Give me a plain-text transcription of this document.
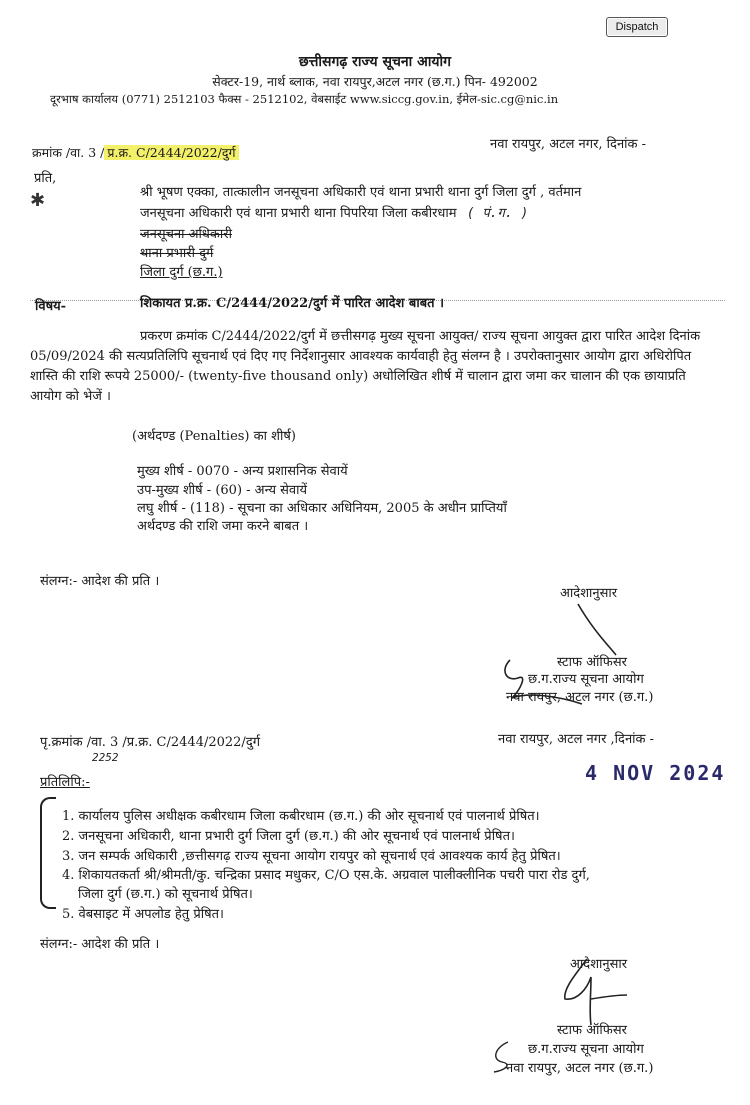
Dispatch
छत्तीसगढ़ राज्य सूचना आयोग
सेक्टर-19, नार्थ ब्लाक, नवा रायपुर,अटल नगर (छ.ग.) पिन- 492002
दूरभाष कार्यालय (0771) 2512103 फैक्स - 2512102, वेबसाईट www.siccg.gov.in, ईमेल-sic.cg@nic.in
क्रमांक /वा. 3 / प्र.क्र. C/2444/2022/दुर्ग
नवा रायपुर, अटल नगर, दिनांक -
प्रति,
✱	श्री भूषण एक्का, तात्कालीन जनसूचना अधिकारी एवं थाना प्रभारी थाना दुर्ग जिला दुर्ग , वर्तमान
जनसूचना अधिकारी एवं थाना प्रभारी थाना पिपरिया जिला कबीरधाम ( पं.ग. )
जनसूचना अधिकारी
थाना प्रभारी दुर्ग
जिला दुर्ग (छ.ग.)
विषय-	शिकायत प्र.क्र. C/2444/2022/दुर्ग में पारित आदेश बाबत ।
प्रकरण क्रमांक C/2444/2022/दुर्ग में छत्तीसगढ़ मुख्य सूचना आयुक्त/ राज्य सूचना आयुक्त द्वारा पारित आदेश दिनांक 05/09/2024 की सत्यप्रतिलिपि सूचनार्थ एवं दिए गए निर्देशानुसार आवश्यक कार्यवाही हेतु संलग्न है । उपरोक्तानुसार आयोग द्वारा अधिरोपित शास्ति की राशि रूपये 25000/- (twenty-five thousand only) अधोलिखित शीर्ष में चालान द्वारा जमा कर चालान की एक छायाप्रति आयोग को भेजें ।
(अर्थदण्ड (Penalties) का शीर्ष)
मुख्य शीर्ष - 0070 - अन्य प्रशासनिक सेवायें
उप-मुख्य शीर्ष - (60) - अन्य सेवायें
लघु शीर्ष - (118) - सूचना का अधिकार अधिनियम, 2005 के अधीन प्राप्तियाँ
अर्थदण्ड की राशि जमा करने बाबत ।
संलग्न:- आदेश की प्रति ।
आदेशानुसार
स्टाफ ऑफिसर
छ.ग.राज्य सूचना आयोग
नवा रायपुर, अटल नगर (छ.ग.)
पृ.क्रमांक /वा. 3 /प्र.क्र. C/2444/2022/दुर्ग
2252
नवा रायपुर, अटल नगर ,दिनांक -
4 NOV 2024
प्रतिलिपि:-
1. कार्यालय पुलिस अधीक्षक कबीरधाम जिला कबीरधाम (छ.ग.) की ओर सूचनार्थ एवं पालनार्थ प्रेषित।
2. जनसूचना अधिकारी, थाना प्रभारी दुर्ग जिला दुर्ग (छ.ग.) की ओर सूचनार्थ एवं पालनार्थ प्रेषित।
3. जन सम्पर्क अधिकारी ,छत्तीसगढ़ राज्य सूचना आयोग रायपुर को सूचनार्थ एवं आवश्यक कार्य हेतु प्रेषित।
4. शिकायतकर्ता श्री/श्रीमती/कु. चन्द्रिका प्रसाद मधुकर, C/O एस.के. अग्रवाल पालीक्लीनिक पचरी पारा रोड दुर्ग,
जिला दुर्ग (छ.ग.) को सूचनार्थ प्रेषित।
5. वेबसाइट में अपलोड हेतु प्रेषित।
संलग्न:- आदेश की प्रति ।
आदेशानुसार
स्टाफ ऑफिसर
छ.ग.राज्य सूचना आयोग
नवा रायपुर, अटल नगर (छ.ग.)
